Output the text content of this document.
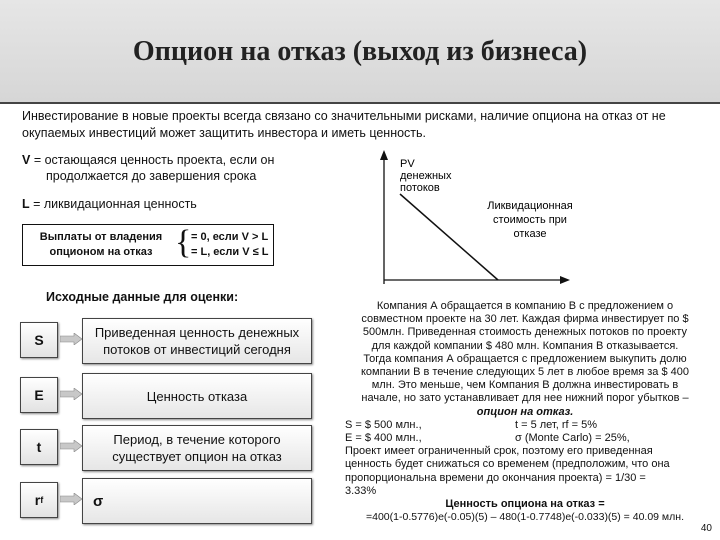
Опцион на отказ (выход из бизнеса)
Инвестирование в новые проекты всегда связано со значительными рисками, наличие опциона на отказ от не окупаемых инвестиций может защитить инвестора и иметь ценность.
V = остающаяся ценность проекта, если он
продолжается до завершения срока
L = ликвидационная ценность
Выплаты от владения
опционом на отказ { = 0, если V > L
= L, если V ≤ L
PV
денежных
потоков
Ликвидационная
стоимость при
отказе
Исходные данные для оценки:
S	Приведенная ценность денежных потоков от инвестиций сегодня
E	Ценность отказа
t	Период, в течение которого существует опцион на отказ
r f	σ
Компания А обращается в компанию В с предложением о
совместном проекте на 30 лет. Каждая фирма инвестирует по $
500млн. Приведенная стоимость денежных потоков по проекту
для каждой компании $ 480 млн. Компания В отказывается.
Тогда компания А обращается с предложением выкупить долю
компании В в течение следующих 5 лет в любое время за $ 400
млн. Это меньше, чем Компания В должна инвестировать в
начале, но зато устанавливает для нее нижний порог убытков –
опцион на отказ.
S = $ 500 млн.,	t = 5 лет, rf = 5%
E = $ 400 млн.,	σ (Monte Carlo) = 25%,
Проект имеет ограниченный срок, поэтому его приведенная
ценность будет снижаться со временем (предположим, что она
пропорциональна времени до окончания проекта) = 1/30 =
3.33%
Ценность опциона на отказ =
=400(1-0.5776)e(-0.05)(5) – 480(1-0.7748)e(-0.033)(5) = 40.09 млн.
40
